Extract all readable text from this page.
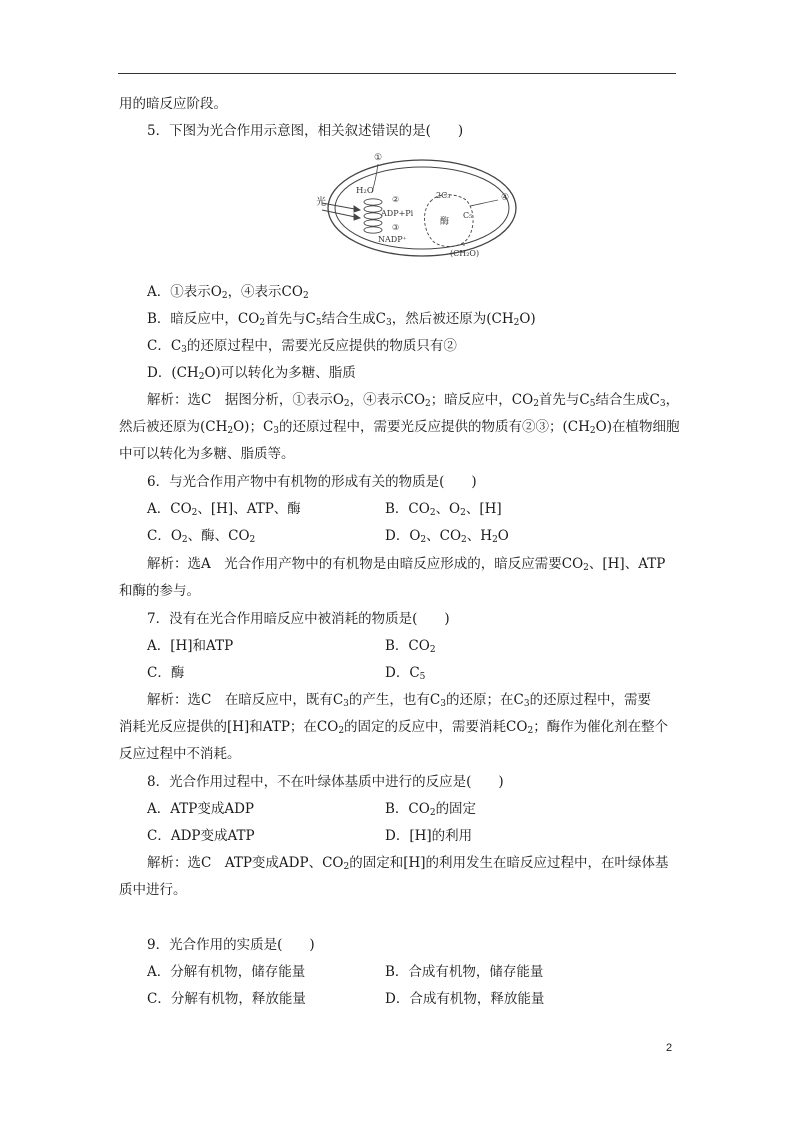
用的暗反应阶段。
5．下图为光合作用示意图，相关叙述错误的是(　　)
光
①
H₂O
②
ADP+Pi
③
NADP⁺
2C₃
C₅
酶
④
(CH₂O)
A．①表示$O_2$，④表示$CO_2$
B．暗反应中，$CO_2$首先与$C_5$结合生成$C_3$，然后被还原为$(CH_2O)$
C．$C_3$的还原过程中，需要光反应提供的物质只有②
D．$(CH_2O)$可以转化为多糖、脂质
解析：选C　据图分析，①表示$O_2$，④表示$CO_2$；暗反应中，$CO_2$首先与$C_5$结合生成$C_3$，
然后被还原为$(CH_2O)$；$C_3$的还原过程中，需要光反应提供的物质有②③；$(CH_2O)$在植物细胞
中可以转化为多糖、脂质等。
6．与光合作用产物中有机物的形成有关的物质是(　　)
A．$CO_2$、[H]、ATP、酶	B．$CO_2$、$O_2$、[H]
C．$O_2$、酶、$CO_2$	D．$O_2$、$CO_2$、$H_2O$
解析：选A　光合作用产物中的有机物是由暗反应形成的，暗反应需要$CO_2$、[H]、ATP
和酶的参与。
7．没有在光合作用暗反应中被消耗的物质是(　　)
A．[H]和ATP	B．$CO_2$
C．酶	D．$C_5$
解析：选C　在暗反应中，既有$C_3$的产生，也有$C_3$的还原；在$C_3$的还原过程中，需要
消耗光反应提供的[H]和ATP；在$CO_2$的固定的反应中，需要消耗$CO_2$；酶作为催化剂在整个
反应过程中不消耗。
8．光合作用过程中，不在叶绿体基质中进行的反应是(　　)
A．ATP变成ADP	B．$CO_2$的固定
C．ADP变成ATP	D．[H]的利用
解析：选C　ATP变成ADP、$CO_2$的固定和[H]的利用发生在暗反应过程中，在叶绿体基
质中进行。
9．光合作用的实质是(　　)
A．分解有机物，储存能量	B．合成有机物，储存能量
C．分解有机物，释放能量	D．合成有机物，释放能量
2
